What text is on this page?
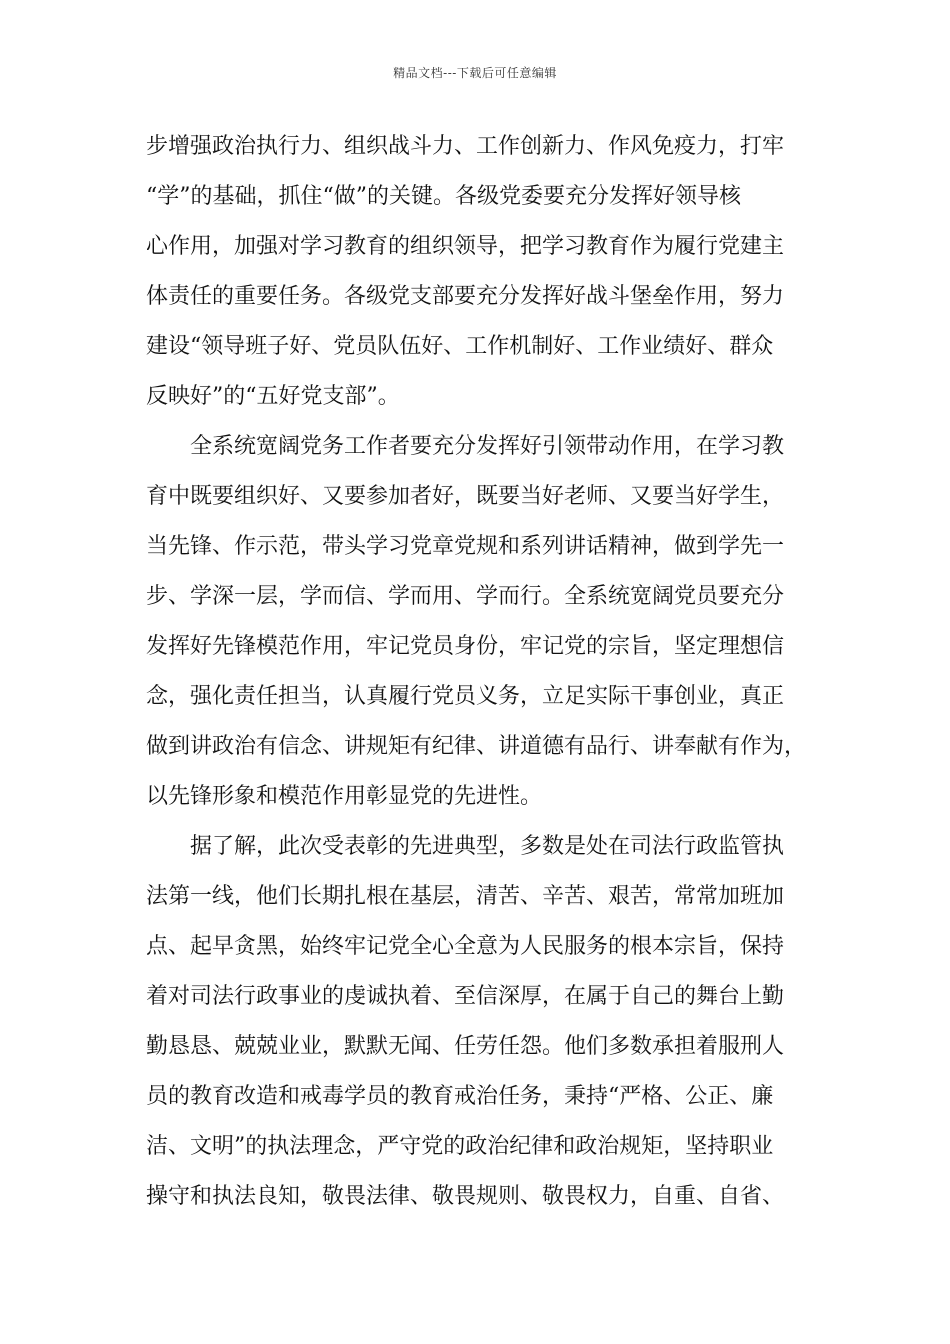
精品文档---下载后可任意编辑
步增强政治执行力、组织战斗力、工作创新力、作风免疫力，打牢
“学”的基础，抓住“做”的关键。各级党委要充分发挥好领导核
心作用，加强对学习教育的组织领导，把学习教育作为履行党建主
体责任的重要任务。各级党支部要充分发挥好战斗堡垒作用，努力
建设“领导班子好、党员队伍好、工作机制好、工作业绩好、群众
反映好”的“五好党支部”。
　　全系统宽阔党务工作者要充分发挥好引领带动作用，在学习教
育中既要组织好、又要参加者好，既要当好老师、又要当好学生，
当先锋、作示范，带头学习党章党规和系列讲话精神，做到学先一
步、学深一层，学而信、学而用、学而行。全系统宽阔党员要充分
发挥好先锋模范作用，牢记党员身份，牢记党的宗旨，坚定理想信
念，强化责任担当，认真履行党员义务，立足实际干事创业，真正
做到讲政治有信念、讲规矩有纪律、讲道德有品行、讲奉献有作为，
以先锋形象和模范作用彰显党的先进性。
　　据了解，此次受表彰的先进典型，多数是处在司法行政监管执
法第一线，他们长期扎根在基层，清苦、辛苦、艰苦，常常加班加
点、起早贪黑，始终牢记党全心全意为人民服务的根本宗旨，保持
着对司法行政事业的虔诚执着、至信深厚，在属于自己的舞台上勤
勤恳恳、兢兢业业，默默无闻、任劳任怨。他们多数承担着服刑人
员的教育改造和戒毒学员的教育戒治任务，秉持“严格、公正、廉
洁、文明”的执法理念，严守党的政治纪律和政治规矩，坚持职业
操守和执法良知，敬畏法律、敬畏规则、敬畏权力，自重、自省、
